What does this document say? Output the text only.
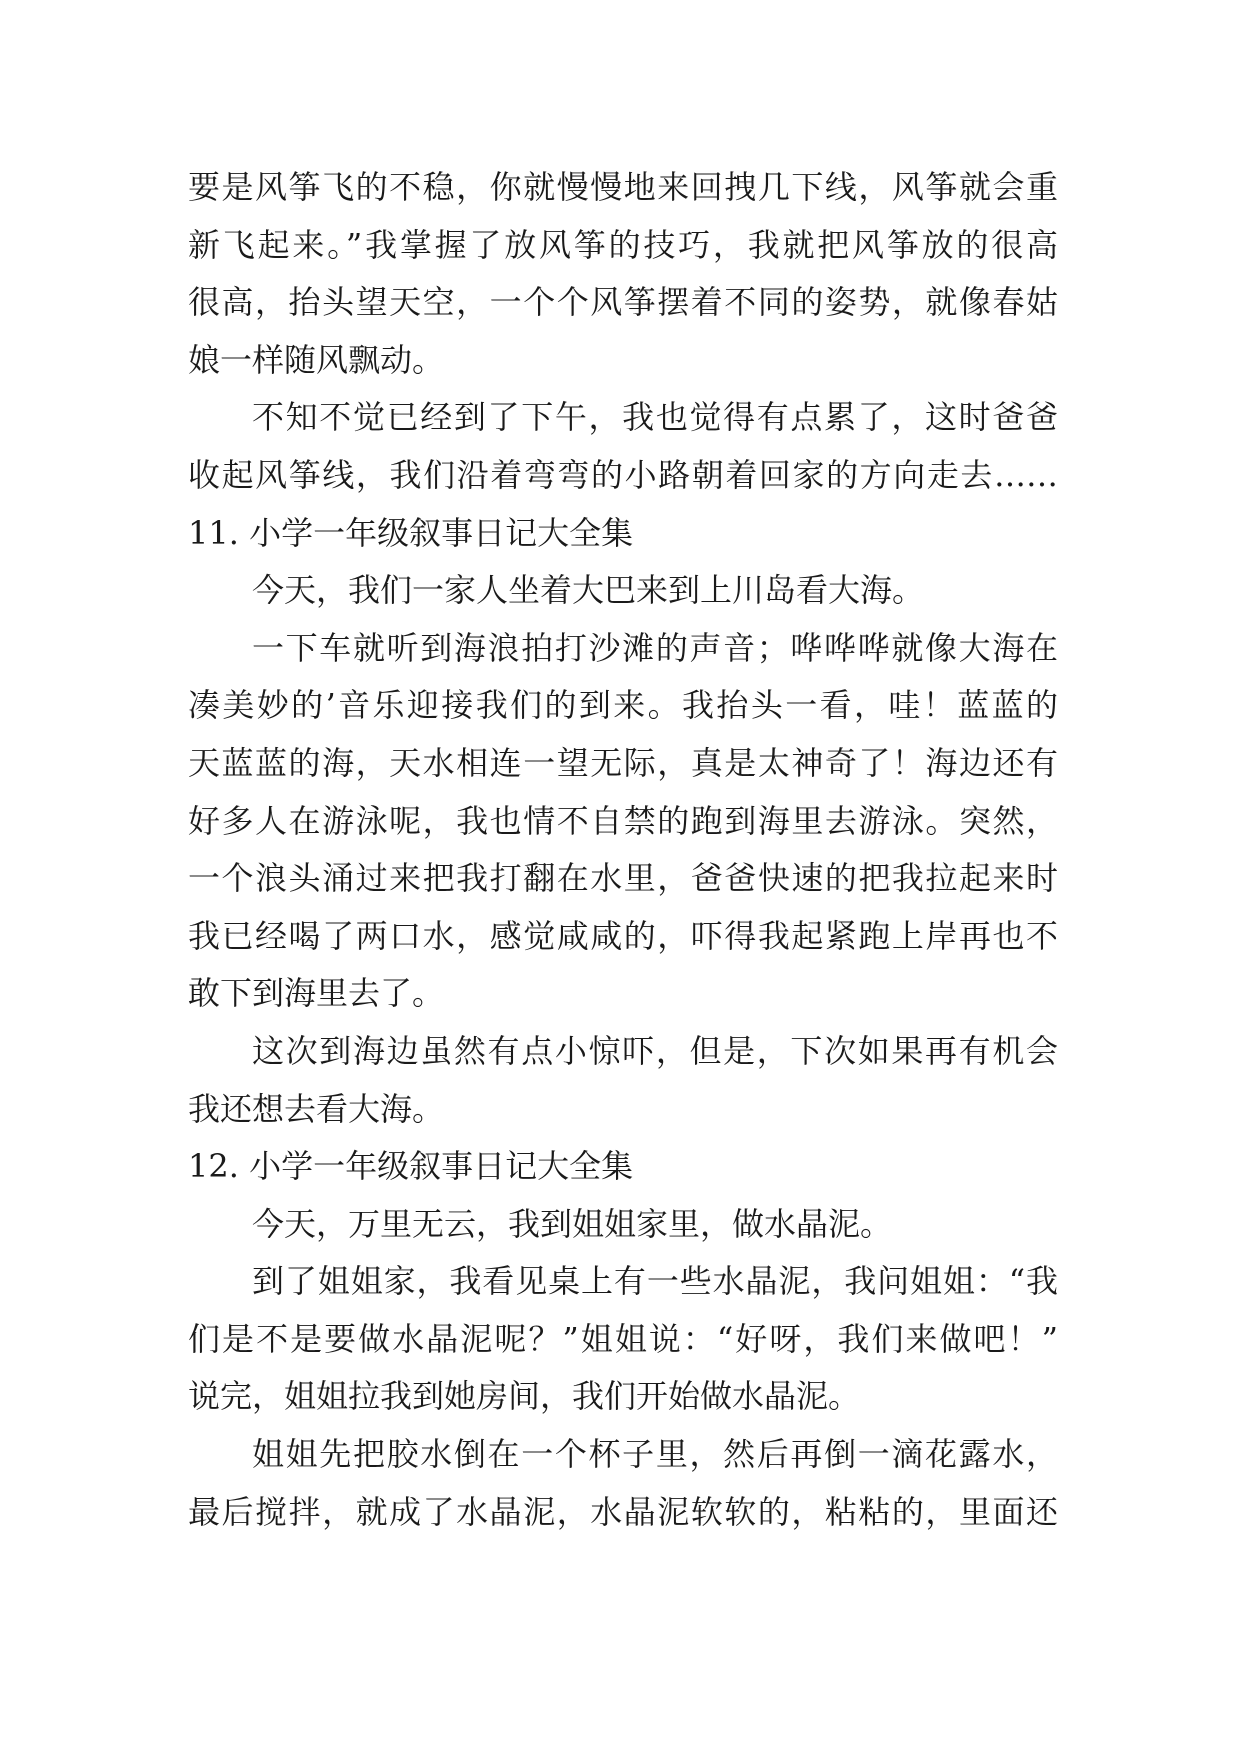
要是风筝飞的不稳，你就慢慢地来回拽几下线，风筝就会重
新飞起来。”我掌握了放风筝的技巧，我就把风筝放的很高
很高，抬头望天空，一个个风筝摆着不同的姿势，就像春姑
娘一样随风飘动。
不知不觉已经到了下午，我也觉得有点累了，这时爸爸
收起风筝线，我们沿着弯弯的小路朝着回家的方向走去……
11. 小学一年级叙事日记大全集
今天，我们一家人坐着大巴来到上川岛看大海。
一下车就听到海浪拍打沙滩的声音；哗哗哗就像大海在
凑美妙的’音乐迎接我们的到来。我抬头一看，哇！蓝蓝的
天蓝蓝的海，天水相连一望无际，真是太神奇了！海边还有
好多人在游泳呢，我也情不自禁的跑到海里去游泳。突然，
一个浪头涌过来把我打翻在水里，爸爸快速的把我拉起来时
我已经喝了两口水，感觉咸咸的，吓得我起紧跑上岸再也不
敢下到海里去了。
这次到海边虽然有点小惊吓，但是，下次如果再有机会
我还想去看大海。
12. 小学一年级叙事日记大全集
今天，万里无云，我到姐姐家里，做水晶泥。
到了姐姐家，我看见桌上有一些水晶泥，我问姐姐：“我
们是不是要做水晶泥呢？”姐姐说：“好呀，我们来做吧！”
说完，姐姐拉我到她房间，我们开始做水晶泥。
姐姐先把胶水倒在一个杯子里，然后再倒一滴花露水，
最后搅拌，就成了水晶泥，水晶泥软软的，粘粘的，里面还
